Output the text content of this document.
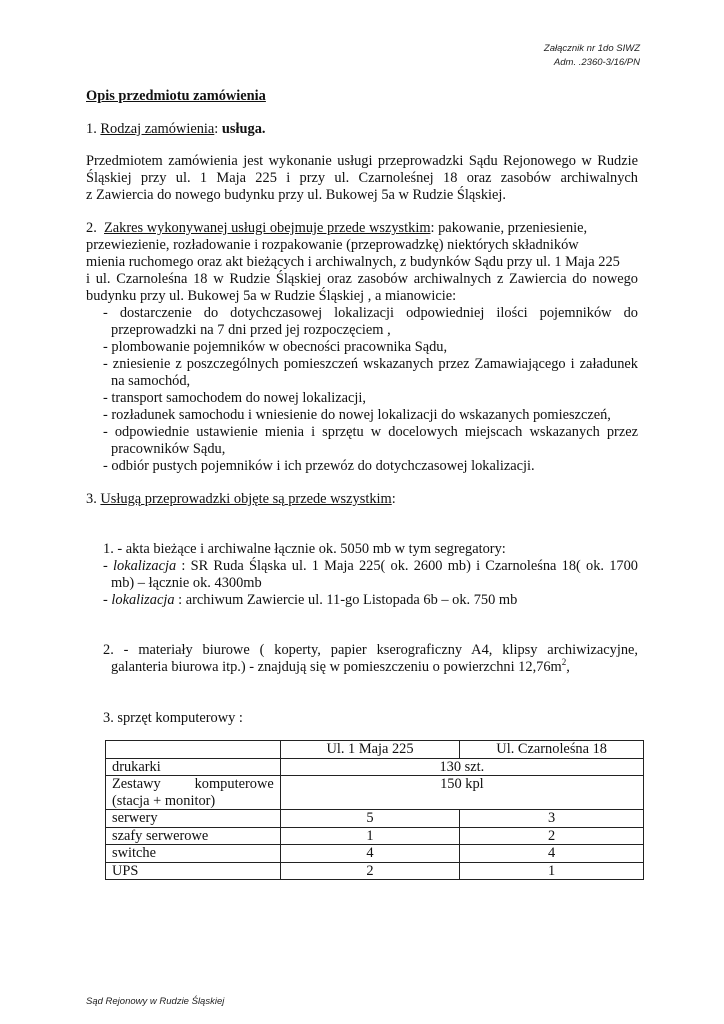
Załącznik nr 1do SIWZ
Adm. .2360-3/16/PN
Opis przedmiotu zamówienia
1. Rodzaj zamówienia: usługa.
Przedmiotem zamówienia jest wykonanie usługi przeprowadzki Sądu Rejonowego w Rudzie
Śląskiej przy ul. 1 Maja 225 i przy ul. Czarnoleśnej 18 oraz zasobów archiwalnych
z Zawiercia do nowego budynku przy ul. Bukowej 5a w Rudzie Śląskiej.
2. Zakres wykonywanej usługi obejmuje przede wszystkim: pakowanie, przeniesienie,
przewiezienie, rozładowanie i rozpakowanie (przeprowadzkę) niektórych składników
mienia ruchomego oraz akt bieżących i archiwalnych, z budynków Sądu przy ul. 1 Maja 225
i ul. Czarnoleśna 18 w Rudzie Śląskiej oraz zasobów archiwalnych z Zawiercia do nowego
budynku przy ul. Bukowej 5a w Rudzie Śląskiej , a mianowicie:
- dostarczenie do dotychczasowej lokalizacji odpowiedniej ilości pojemników do
przeprowadzki na 7 dni przed jej rozpoczęciem ,
- plombowanie pojemników w obecności pracownika Sądu,
- zniesienie z poszczególnych pomieszczeń wskazanych przez Zamawiającego i załadunek
na samochód,
- transport samochodem do nowej lokalizacji,
- rozładunek samochodu i wniesienie do nowej lokalizacji do wskazanych pomieszczeń,
- odpowiednie ustawienie mienia i sprzętu w docelowych miejscach wskazanych przez
pracowników Sądu,
- odbiór pustych pojemników i ich przewóz do dotychczasowej lokalizacji.
3. Usługą przeprowadzki objęte są przede wszystkim:
1. - akta bieżące i archiwalne łącznie ok. 5050 mb w tym segregatory:
- lokalizacja : SR Ruda Śląska ul. 1 Maja 225( ok. 2600 mb) i Czarnoleśna 18( ok. 1700
mb) – łącznie ok. 4300mb
- lokalizacja : archiwum Zawiercie ul. 11-go Listopada 6b – ok. 750 mb
2. - materiały biurowe ( koperty, papier kserograficzny A4, klipsy archiwizacyjne,
galanteria biurowa itp.) - znajdują się w pomieszczeniu o powierzchni $12,76m^2$,
3. sprzęt komputerowy :
	Ul. 1 Maja 225	Ul. Czarnoleśna 18
drukarki	130 szt.	

Zestawy komputerowe
(stacja + monitor)	150 kpl	
serwery	5	3
szafy serwerowe	1	2
switche	4	4
UPS	2	1
Sąd Rejonowy w Rudzie Śląskiej
